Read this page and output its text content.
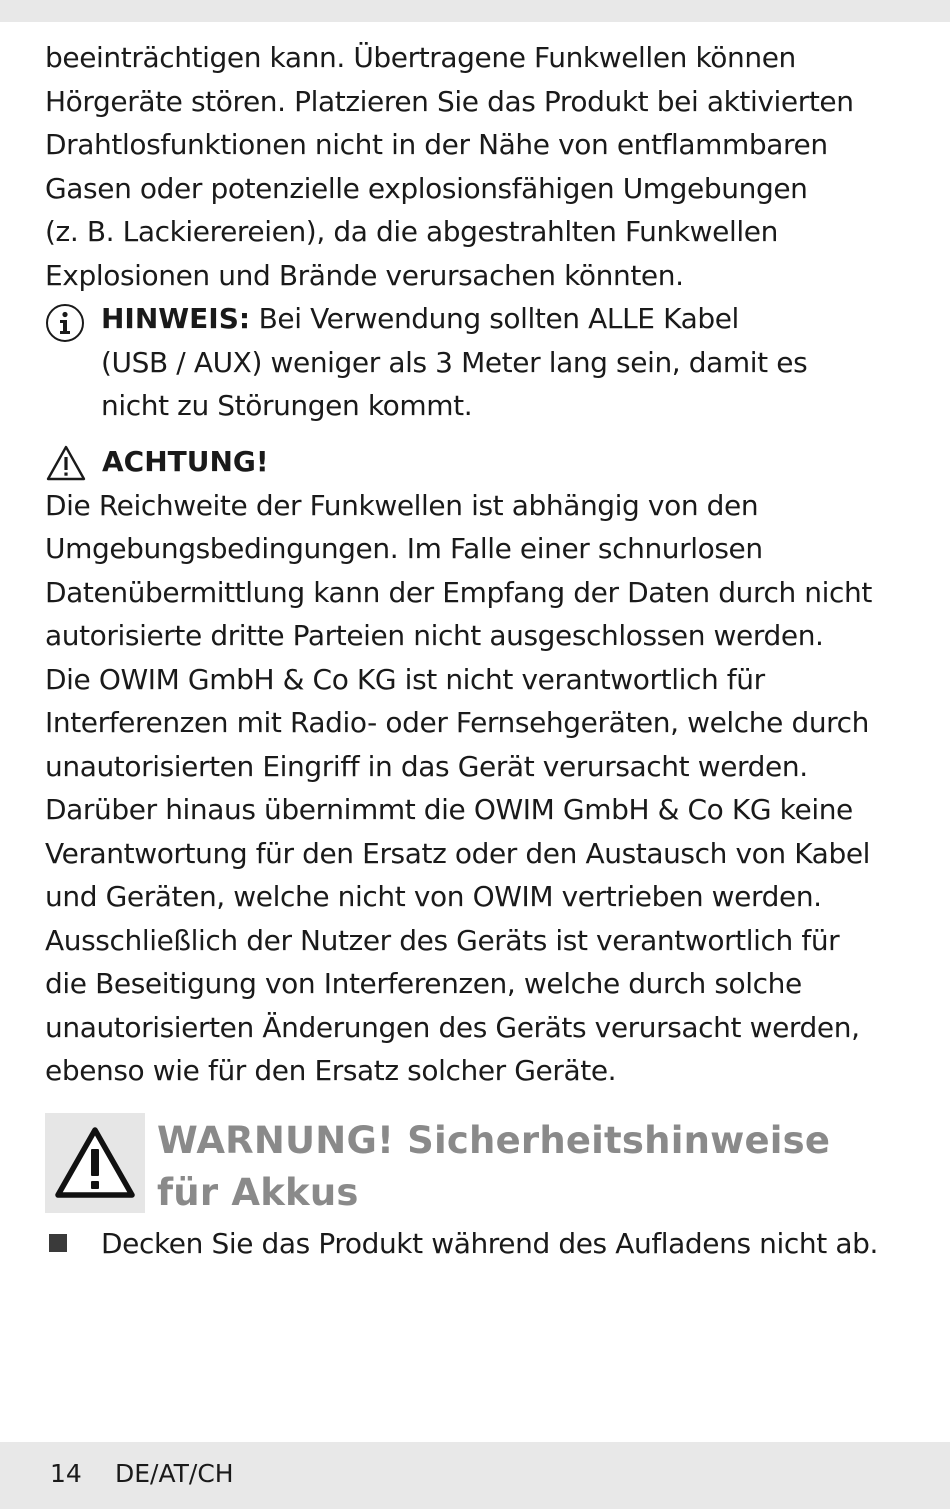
beeinträchtigen kann. Übertragene Funkwellen können
Hörgeräte stören. Platzieren Sie das Produkt bei aktivierten
Drahtlosfunktionen nicht in der Nähe von entflammbaren
Gasen oder potenzielle explosionsfähigen Umgebungen
(z. B. Lackierereien), da die abgestrahlten Funkwellen
Explosionen und Brände verursachen könnten.

HINWEIS: Bei Verwendung sollten ALLE Kabel
(USB / AUX) weniger als 3 Meter lang sein, damit es
nicht zu Störungen kommt.
ACHTUNG!

Die Reichweite der Funkwellen ist abhängig von den
Umgebungsbedingungen. Im Falle einer schnurlosen
Datenübermittlung kann der Empfang der Daten durch nicht
autorisierte dritte Parteien nicht ausgeschlossen werden.
Die OWIM GmbH & Co KG ist nicht verantwortlich für
Interferenzen mit Radio- oder Fernsehgeräten, welche durch
unautorisierten Eingriff in das Gerät verursacht werden.
Darüber hinaus übernimmt die OWIM GmbH & Co KG keine
Verantwortung für den Ersatz oder den Austausch von Kabel
und Geräten, welche nicht von OWIM vertrieben werden.
Ausschließlich der Nutzer des Geräts ist verantwortlich für
die Beseitigung von Interferenzen, welche durch solche
unautorisierten Änderungen des Geräts verursacht werden,
ebenso wie für den Ersatz solcher Geräte.

WARNUNG! Sicherheitshinweise
für Akkus
Decken Sie das Produkt während des Aufladens nicht ab.
14 DE/AT/CH
